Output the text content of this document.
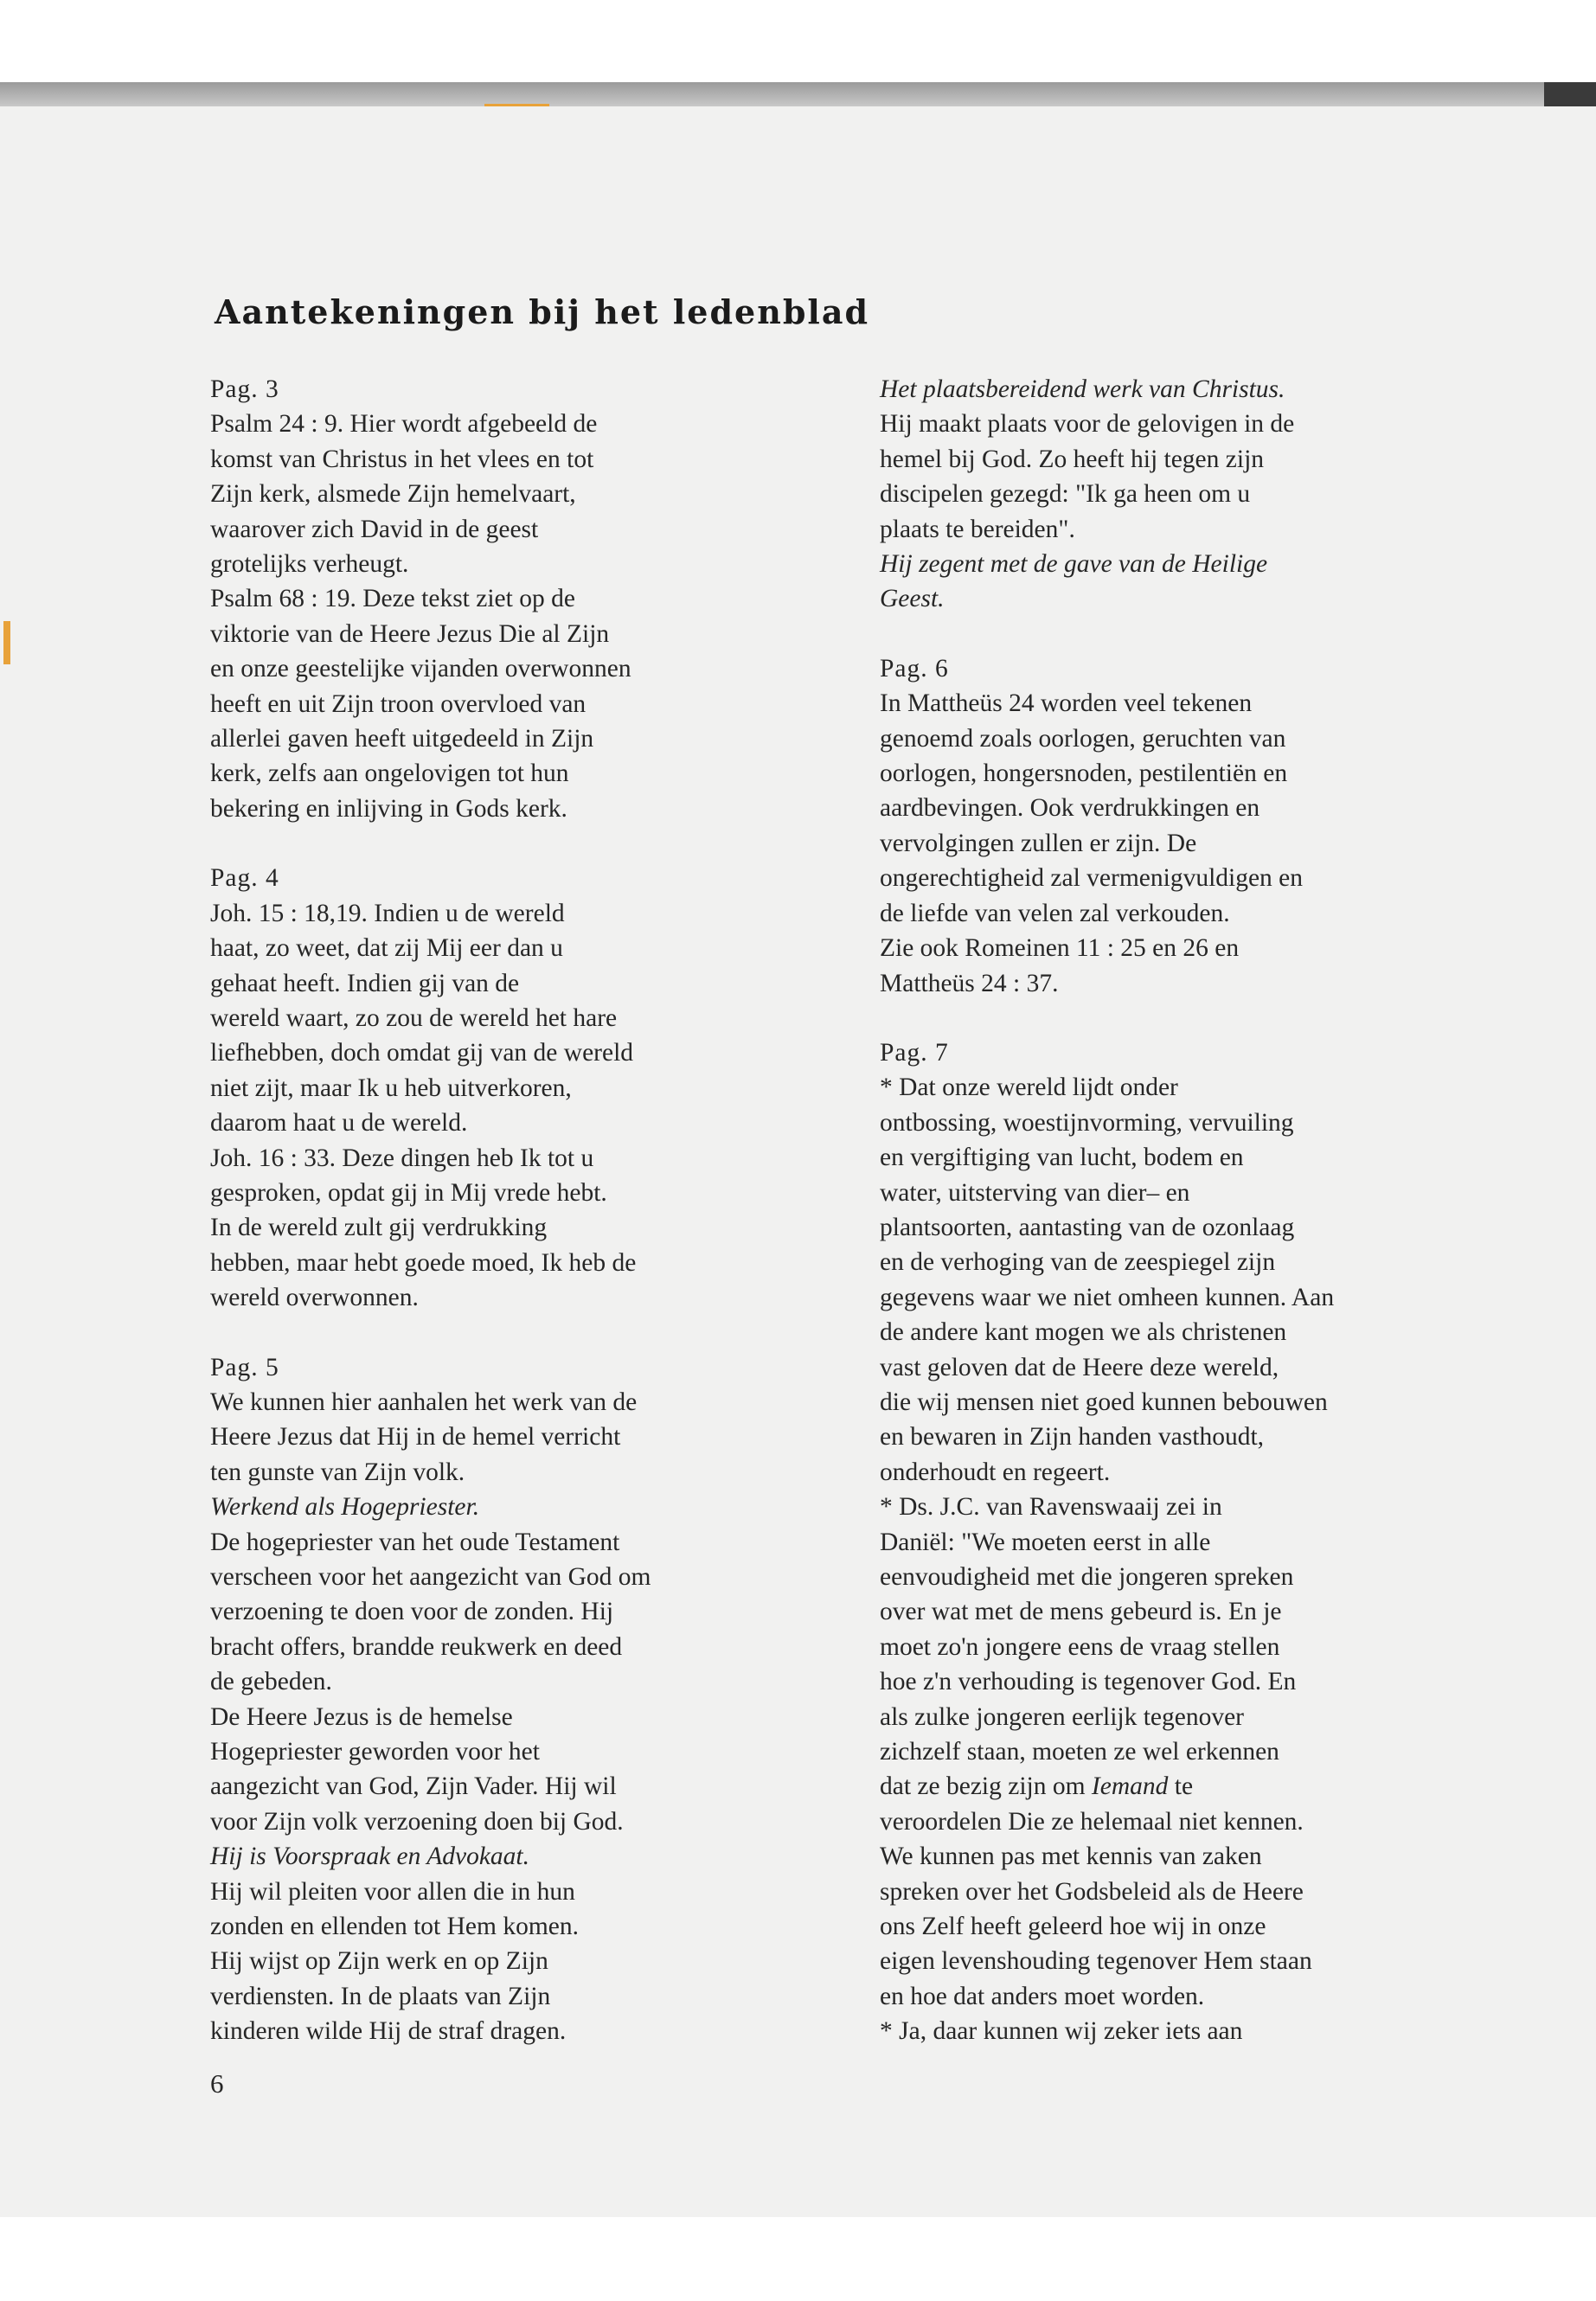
Aantekeningen bij het ledenblad
Pag. 3
Psalm 24 : 9. Hier wordt afgebeeld de
komst van Christus in het vlees en tot
Zijn kerk, alsmede Zijn hemelvaart,
waarover zich David in de geest
grotelijks verheugt.
Psalm 68 : 19. Deze tekst ziet op de
viktorie van de Heere Jezus Die al Zijn
en onze geestelijke vijanden overwonnen
heeft en uit Zijn troon overvloed van
allerlei gaven heeft uitgedeeld in Zijn
kerk, zelfs aan ongelovigen tot hun
bekering en inlijving in Gods kerk.
Pag. 4
Joh. 15 : 18,19. Indien u de wereld
haat, zo weet, dat zij Mij eer dan u
gehaat heeft. Indien gij van de
wereld waart, zo zou de wereld het hare
liefhebben, doch omdat gij van de wereld
niet zijt, maar Ik u heb uitverkoren,
daarom haat u de wereld.
Joh. 16 : 33. Deze dingen heb Ik tot u
gesproken, opdat gij in Mij vrede hebt.
In de wereld zult gij verdrukking
hebben, maar hebt goede moed, Ik heb de
wereld overwonnen.
Pag. 5
We kunnen hier aanhalen het werk van de
Heere Jezus dat Hij in de hemel verricht
ten gunste van Zijn volk.
Werkend als Hogepriester.
De hogepriester van het oude Testament
verscheen voor het aangezicht van God om
verzoening te doen voor de zonden. Hij
bracht offers, brandde reukwerk en deed
de gebeden.
De Heere Jezus is de hemelse
Hogepriester geworden voor het
aangezicht van God, Zijn Vader. Hij wil
voor Zijn volk verzoening doen bij God.
Hij is Voorspraak en Advokaat.
Hij wil pleiten voor allen die in hun
zonden en ellenden tot Hem komen.
Hij wijst op Zijn werk en op Zijn
verdiensten. In de plaats van Zijn
kinderen wilde Hij de straf dragen.
Het plaatsbereidend werk van Christus.
Hij maakt plaats voor de gelovigen in de
hemel bij God. Zo heeft hij tegen zijn
discipelen gezegd: "Ik ga heen om u
plaats te bereiden".
Hij zegent met de gave van de Heilige
Geest.
Pag. 6
In Mattheüs 24 worden veel tekenen
genoemd zoals oorlogen, geruchten van
oorlogen, hongersnoden, pestilentiën en
aardbevingen. Ook verdrukkingen en
vervolgingen zullen er zijn. De
ongerechtigheid zal vermenigvuldigen en
de liefde van velen zal verkouden.
Zie ook Romeinen 11 : 25 en 26 en
Mattheüs 24 : 37.
Pag. 7
* Dat onze wereld lijdt onder
ontbossing, woestijnvorming, vervuiling
en vergiftiging van lucht, bodem en
water, uitsterving van dier– en
plantsoorten, aantasting van de ozonlaag
en de verhoging van de zeespiegel zijn
gegevens waar we niet omheen kunnen. Aan
de andere kant mogen we als christenen
vast geloven dat de Heere deze wereld,
die wij mensen niet goed kunnen bebouwen
en bewaren in Zijn handen vasthoudt,
onderhoudt en regeert.
* Ds. J.C. van Ravenswaaij zei in
Daniël: "We moeten eerst in alle
eenvoudigheid met die jongeren spreken
over wat met de mens gebeurd is. En je
moet zo'n jongere eens de vraag stellen
hoe z'n verhouding is tegenover God. En
als zulke jongeren eerlijk tegenover
zichzelf staan, moeten ze wel erkennen
dat ze bezig zijn om Iemand te
veroordelen Die ze helemaal niet kennen.
We kunnen pas met kennis van zaken
spreken over het Godsbeleid als de Heere
ons Zelf heeft geleerd hoe wij in onze
eigen levenshouding tegenover Hem staan
en hoe dat anders moet worden.
* Ja, daar kunnen wij zeker iets aan
6
